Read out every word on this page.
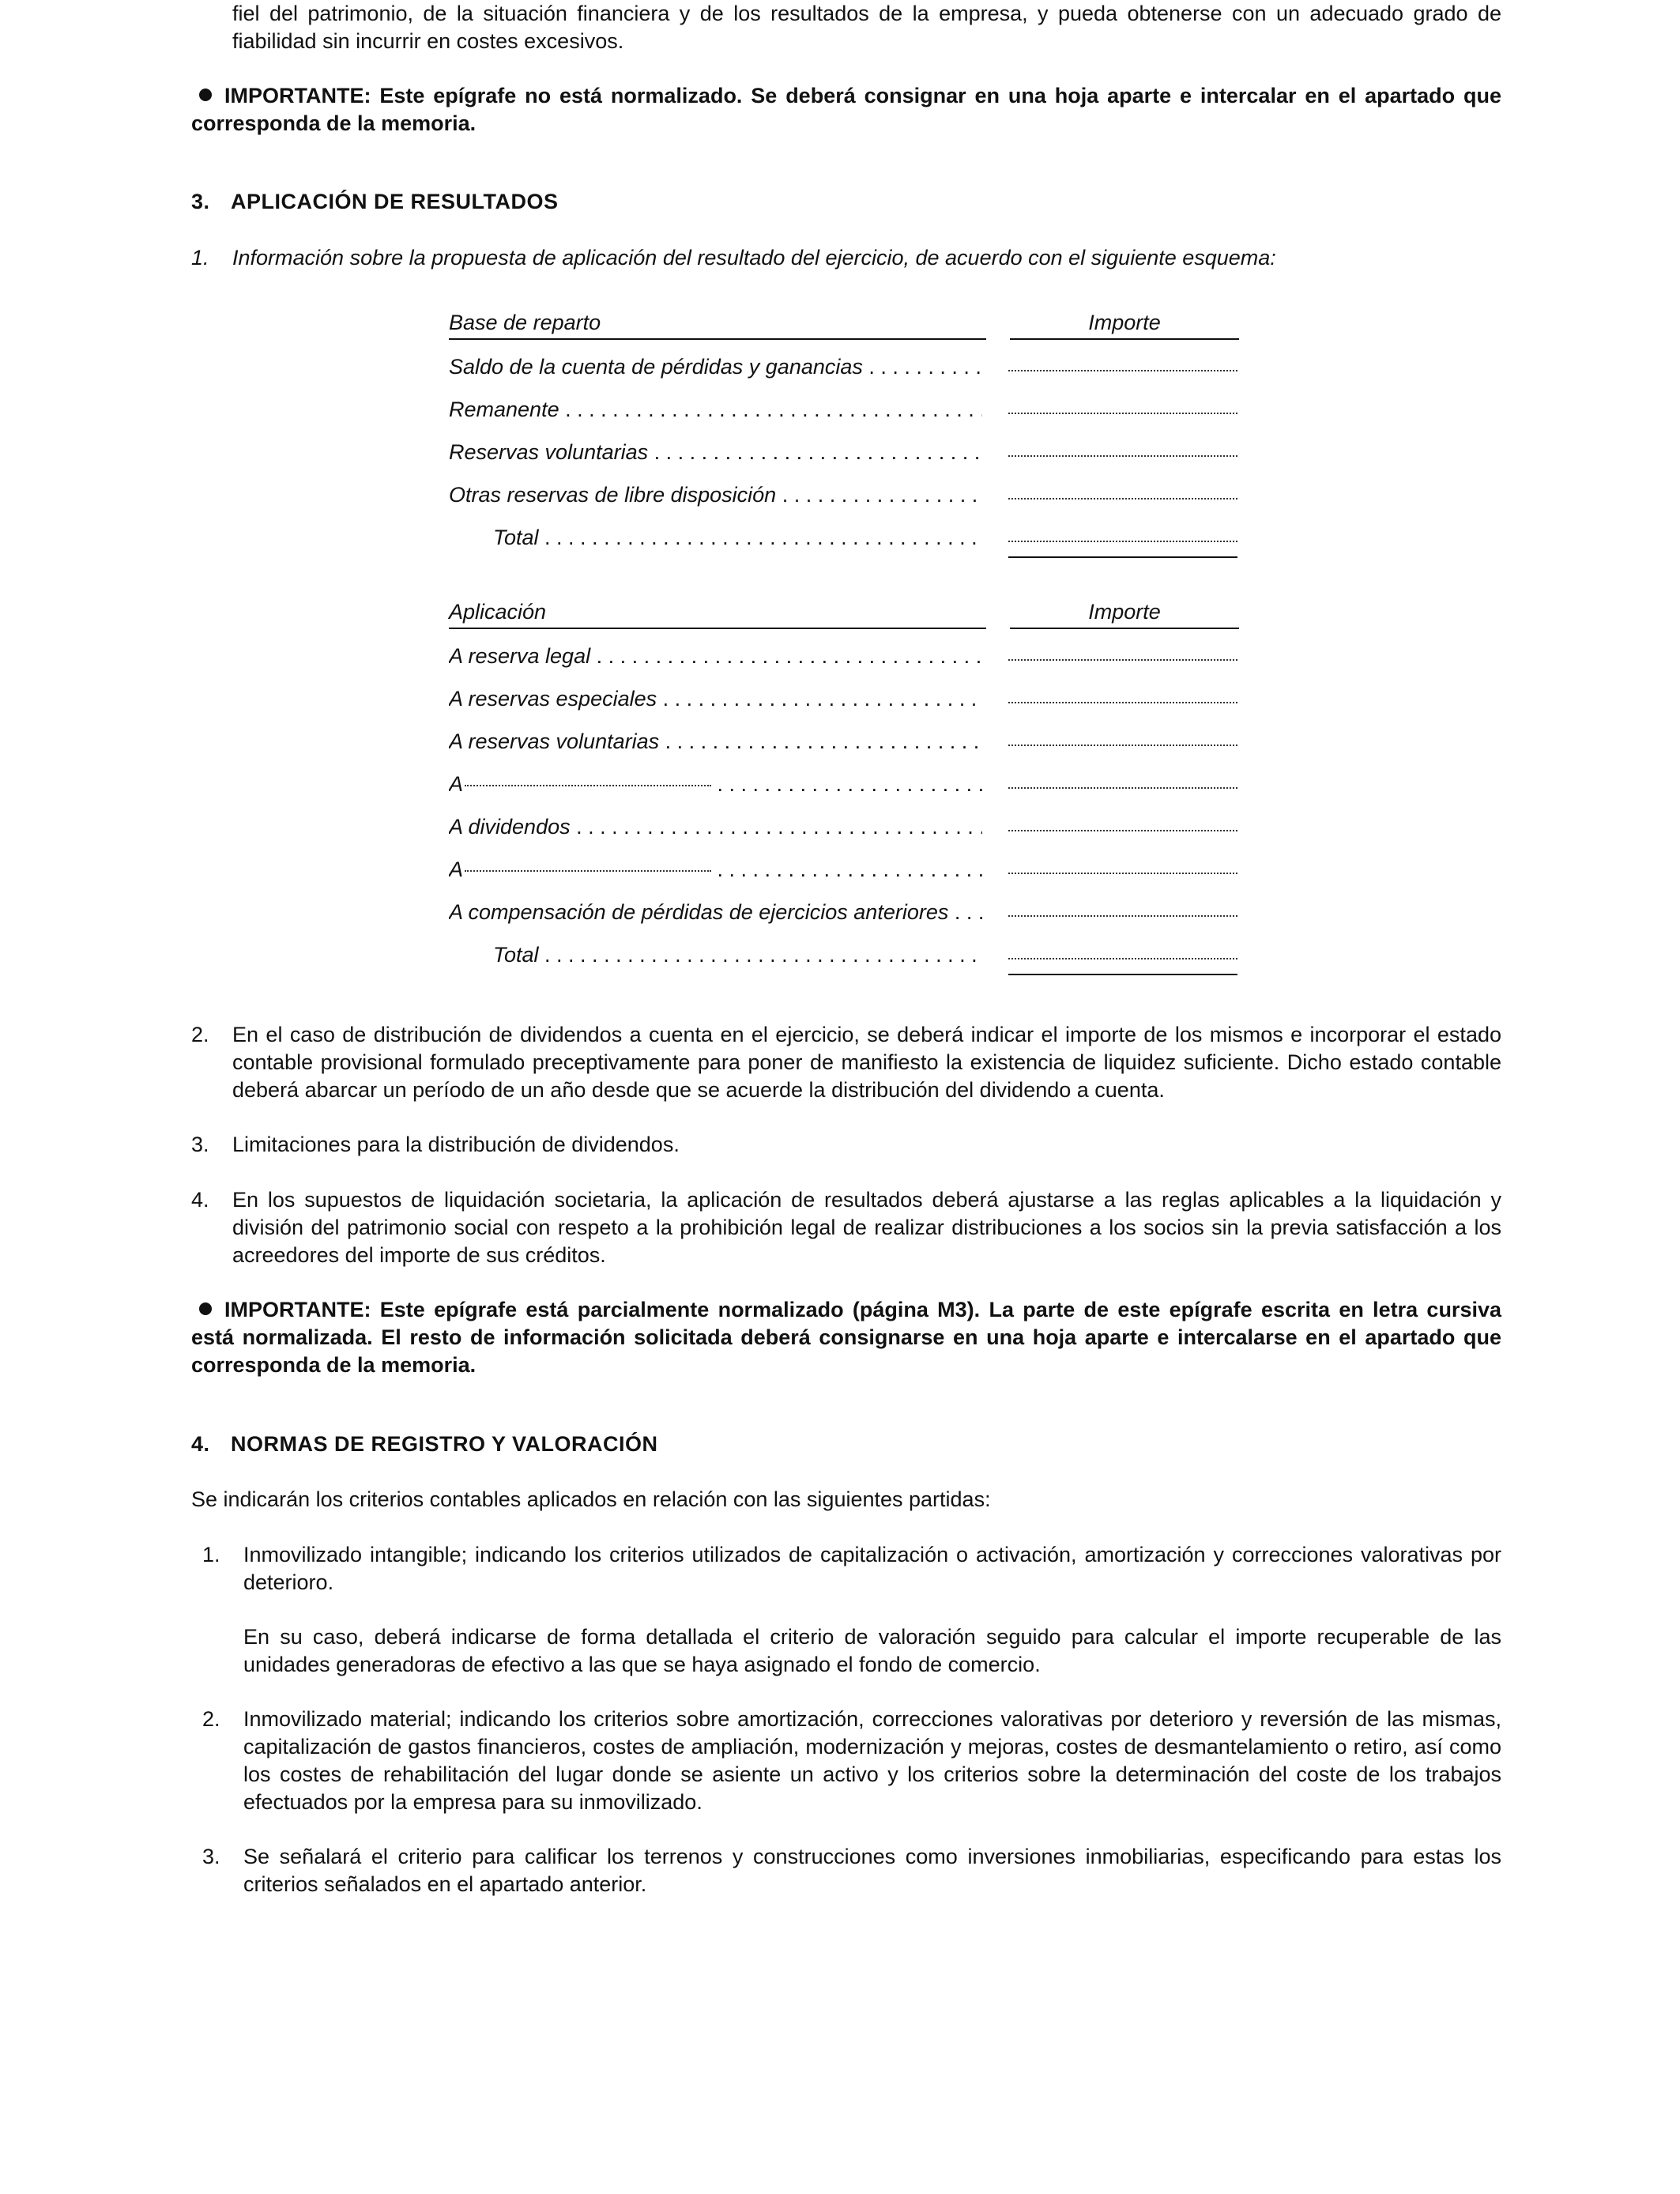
fiel del patrimonio, de la situación financiera y de los resultados de la empresa, y pueda obtenerse con un adecuado grado de fiabilidad sin incurrir en costes excesivos.
IMPORTANTE: Este epígrafe no está normalizado. Se deberá consignar en una hoja aparte e intercalar en el apartado que corresponda de la memoria.
3. APLICACIÓN DE RESULTADOS
1. Información sobre la propuesta de aplicación del resultado del ejercicio, de acuerdo con el siguiente esquema:
Base de reparto	Importe
Saldo de la cuenta de pérdidas y ganancias . . .
Remanente . . .
Reservas voluntarias . . .
Otras reservas de libre disposición . . .
Total . . .
Aplicación	Importe
A reserva legal . . .
A reservas especiales . . .
A reservas voluntarias . . .
A . . .
A dividendos . . .
A . . .
A compensación de pérdidas de ejercicios anteriores . . .
Total . . .
2. En el caso de distribución de dividendos a cuenta en el ejercicio, se deberá indicar el importe de los mismos e incorporar el estado contable provisional formulado preceptivamente para poner de manifiesto la existencia de liquidez suficiente. Dicho estado contable deberá abarcar un período de un año desde que se acuerde la distribución del dividendo a cuenta.
3. Limitaciones para la distribución de dividendos.
4. En los supuestos de liquidación societaria, la aplicación de resultados deberá ajustarse a las reglas aplicables a la liquidación y división del patrimonio social con respeto a la prohibición legal de realizar distribuciones a los socios sin la previa satisfacción a los acreedores del importe de sus créditos.
IMPORTANTE: Este epígrafe está parcialmente normalizado (página M3). La parte de este epígrafe escrita en letra cursiva está normalizada. El resto de información solicitada deberá consignarse en una hoja aparte e intercalarse en el apartado que corresponda de la memoria.
4. NORMAS DE REGISTRO Y VALORACIÓN
Se indicarán los criterios contables aplicados en relación con las siguientes partidas:
1. Inmovilizado intangible; indicando los criterios utilizados de capitalización o activación, amortización y correcciones valorativas por deterioro.
En su caso, deberá indicarse de forma detallada el criterio de valoración seguido para calcular el importe recuperable de las unidades generadoras de efectivo a las que se haya asignado el fondo de comercio.
2. Inmovilizado material; indicando los criterios sobre amortización, correcciones valorativas por deterioro y reversión de las mismas, capitalización de gastos financieros, costes de ampliación, modernización y mejoras, costes de desmantelamiento o retiro, así como los costes de rehabilitación del lugar donde se asiente un activo y los criterios sobre la determinación del coste de los trabajos efectuados por la empresa para su inmovilizado.
3. Se señalará el criterio para calificar los terrenos y construcciones como inversiones inmobiliarias, especificando para estas los criterios señalados en el apartado anterior.
